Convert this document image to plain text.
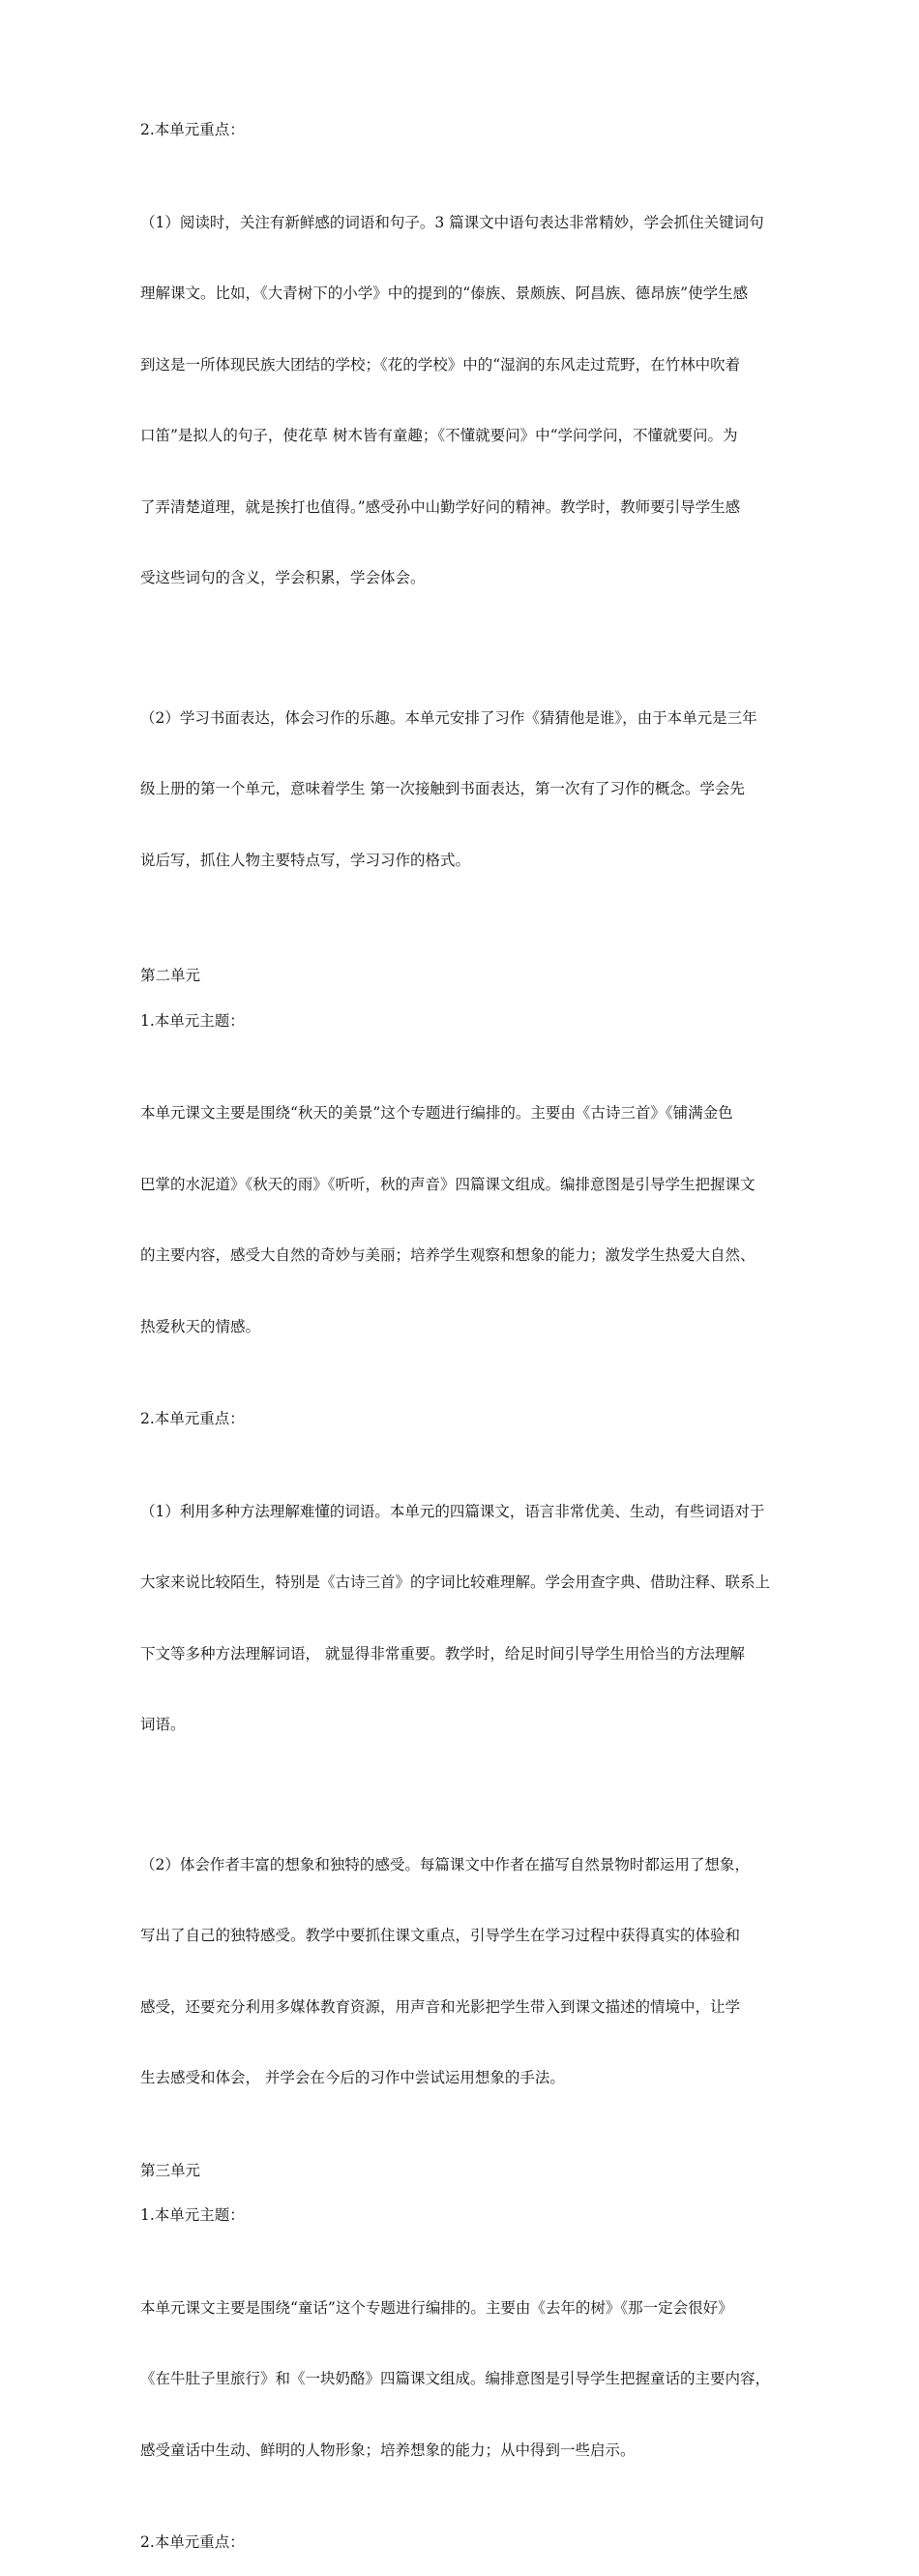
2.本单元重点：

（1）阅读时，关注有新鲜感的词语和句子。3 篇课文中语句表达非常精妙，学会抓住关键词句

理解课文。比如，《大青树下的小学》中的提到的“傣族、景颇族、阿昌族、德昂族”使学生感

到这是一所体现民族大团结的学校；《花的学校》中的“湿润的东风走过荒野，在竹林中吹着

口笛”是拟人的句子，使花草 树木皆有童趣；《不懂就要问》中“学问学问，不懂就要问。为

了弄清楚道理，就是挨打也值得。”感受孙中山勤学好问的精神。教学时，教师要引导学生感

受这些词句的含义，学会积累，学会体会。

（2）学习书面表达，体会习作的乐趣。本单元安排了习作《猜猜他是谁》，由于本单元是三年

级上册的第一个单元，意味着学生 第一次接触到书面表达，第一次有了习作的概念。学会先

说后写，抓住人物主要特点写，学习习作的格式。

第二单元
1.本单元主题：

本单元课文主要是围绕“秋天的美景”这个专题进行编排的。主要由《古诗三首》《铺满金色

巴掌的水泥道》《秋天的雨》《听听，秋的声音》四篇课文组成。编排意图是引导学生把握课文

的主要内容，感受大自然的奇妙与美丽；培养学生观察和想象的能力；激发学生热爱大自然、

热爱秋天的情感。

2.本单元重点：

（1）利用多种方法理解难懂的词语。本单元的四篇课文，语言非常优美、生动，有些词语对于

大家来说比较陌生，特别是《古诗三首》的字词比较难理解。学会用查字典、借助注释、联系上

下文等多种方法理解词语， 就显得非常重要。教学时，给足时间引导学生用恰当的方法理解

词语。

（2）体会作者丰富的想象和独特的感受。每篇课文中作者在描写自然景物时都运用了想象，

写出了自己的独特感受。教学中要抓住课文重点，引导学生在学习过程中获得真实的体验和

感受，还要充分利用多媒体教育资源，用声音和光影把学生带入到课文描述的情境中，让学

生去感受和体会， 并学会在今后的习作中尝试运用想象的手法。

第三单元
1.本单元主题：

本单元课文主要是围绕“童话”这个专题进行编排的。主要由《去年的树》《那一定会很好》

《在牛肚子里旅行》和《一块奶酪》四篇课文组成。编排意图是引导学生把握童话的主要内容，

感受童话中生动、鲜明的人物形象；培养想象的能力；从中得到一些启示。

2.本单元重点：
